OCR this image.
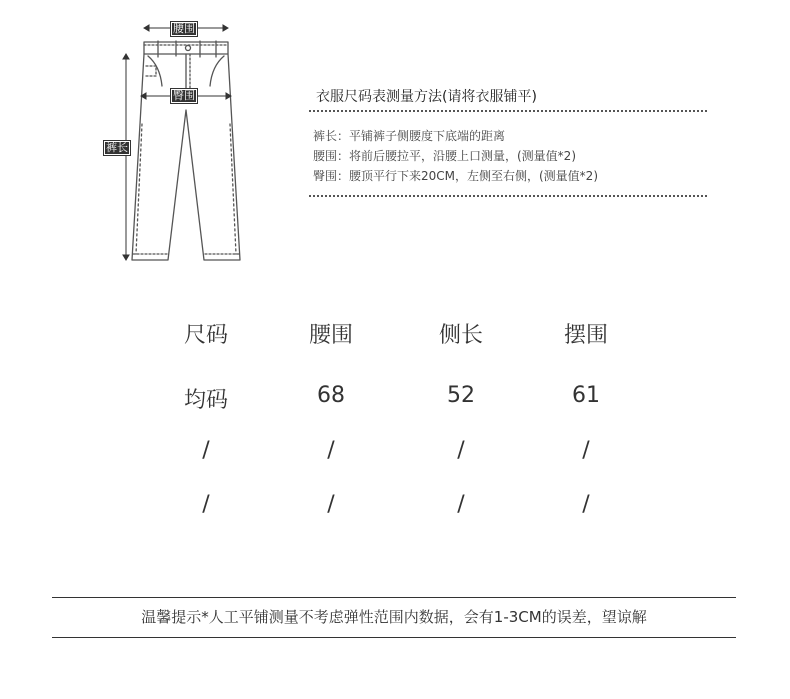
腰围
臀围
裤长
衣服尺码表测量方法(请将衣服铺平)
裤长：平铺裤子侧腰度下底端的距离
腰围：将前后腰拉平，沿腰上口测量，(测量值*2)
臀围：腰顶平行下来20CM，左侧至右侧，(测量值*2)
尺码	腰围	侧长	摆围
均码	68	52	61
/	/	/	/
/	/	/	/
温馨提示*人工平铺测量不考虑弹性范围内数据，会有1-3CM的误差，望谅解
